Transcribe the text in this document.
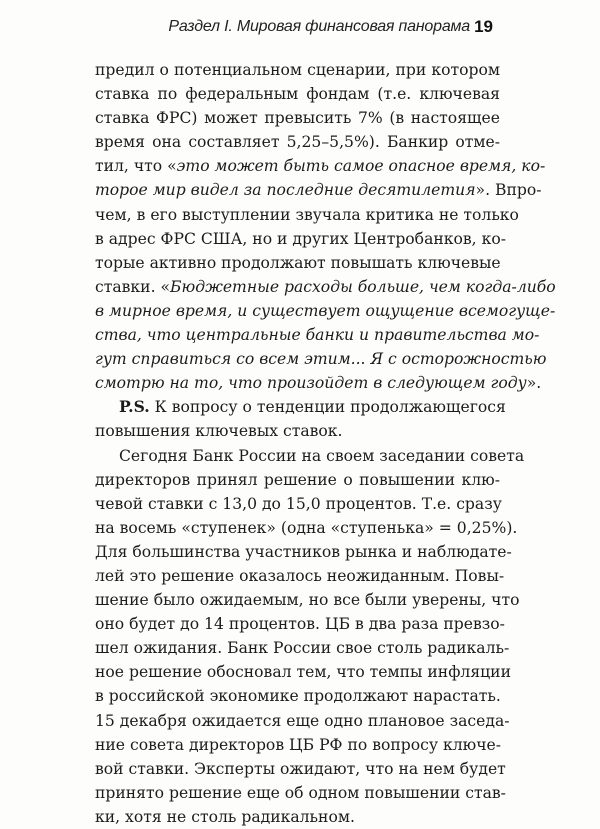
Раздел I. Мировая финансовая панорама 19
предил о потенциальном сценарии, при котором
ставка по федеральным фондам (т.е. ключевая
ставка ФРС) может превысить 7% (в настоящее
время она составляет 5,25–5,5%). Банкир отме-
тил, что «это может быть самое опасное время, ко-
торое мир видел за последние десятилетия». Впро-
чем, в его выступлении звучала критика не только
в адрес ФРС США, но и других Центробанков, ко-
торые активно продолжают повышать ключевые
ставки. «Бюджетные расходы больше, чем когда-либо
в мирное время, и существует ощущение всемогуще-
ства, что центральные банки и правительства мо-
гут справиться со всем этим... Я с осторожностью
смотрю на то, что произойдет в следующем году».
P.S. К вопросу о тенденции продолжающегося
повышения ключевых ставок.
Сегодня Банк России на своем заседании совета
директоров принял решение о повышении клю-
чевой ставки с 13,0 до 15,0 процентов. Т.е. сразу
на восемь «ступенек» (одна «ступенька» = 0,25%).
Для большинства участников рынка и наблюдате-
лей это решение оказалось неожиданным. Повы-
шение было ожидаемым, но все были уверены, что
оно будет до 14 процентов. ЦБ в два раза превзо-
шел ожидания. Банк России свое столь радикаль-
ное решение обосновал тем, что темпы инфляции
в российской экономике продолжают нарастать.
15 декабря ожидается еще одно плановое заседа-
ние совета директоров ЦБ РФ по вопросу ключе-
вой ставки. Эксперты ожидают, что на нем будет
принято решение еще об одном повышении став-
ки, хотя не столь радикальном.
